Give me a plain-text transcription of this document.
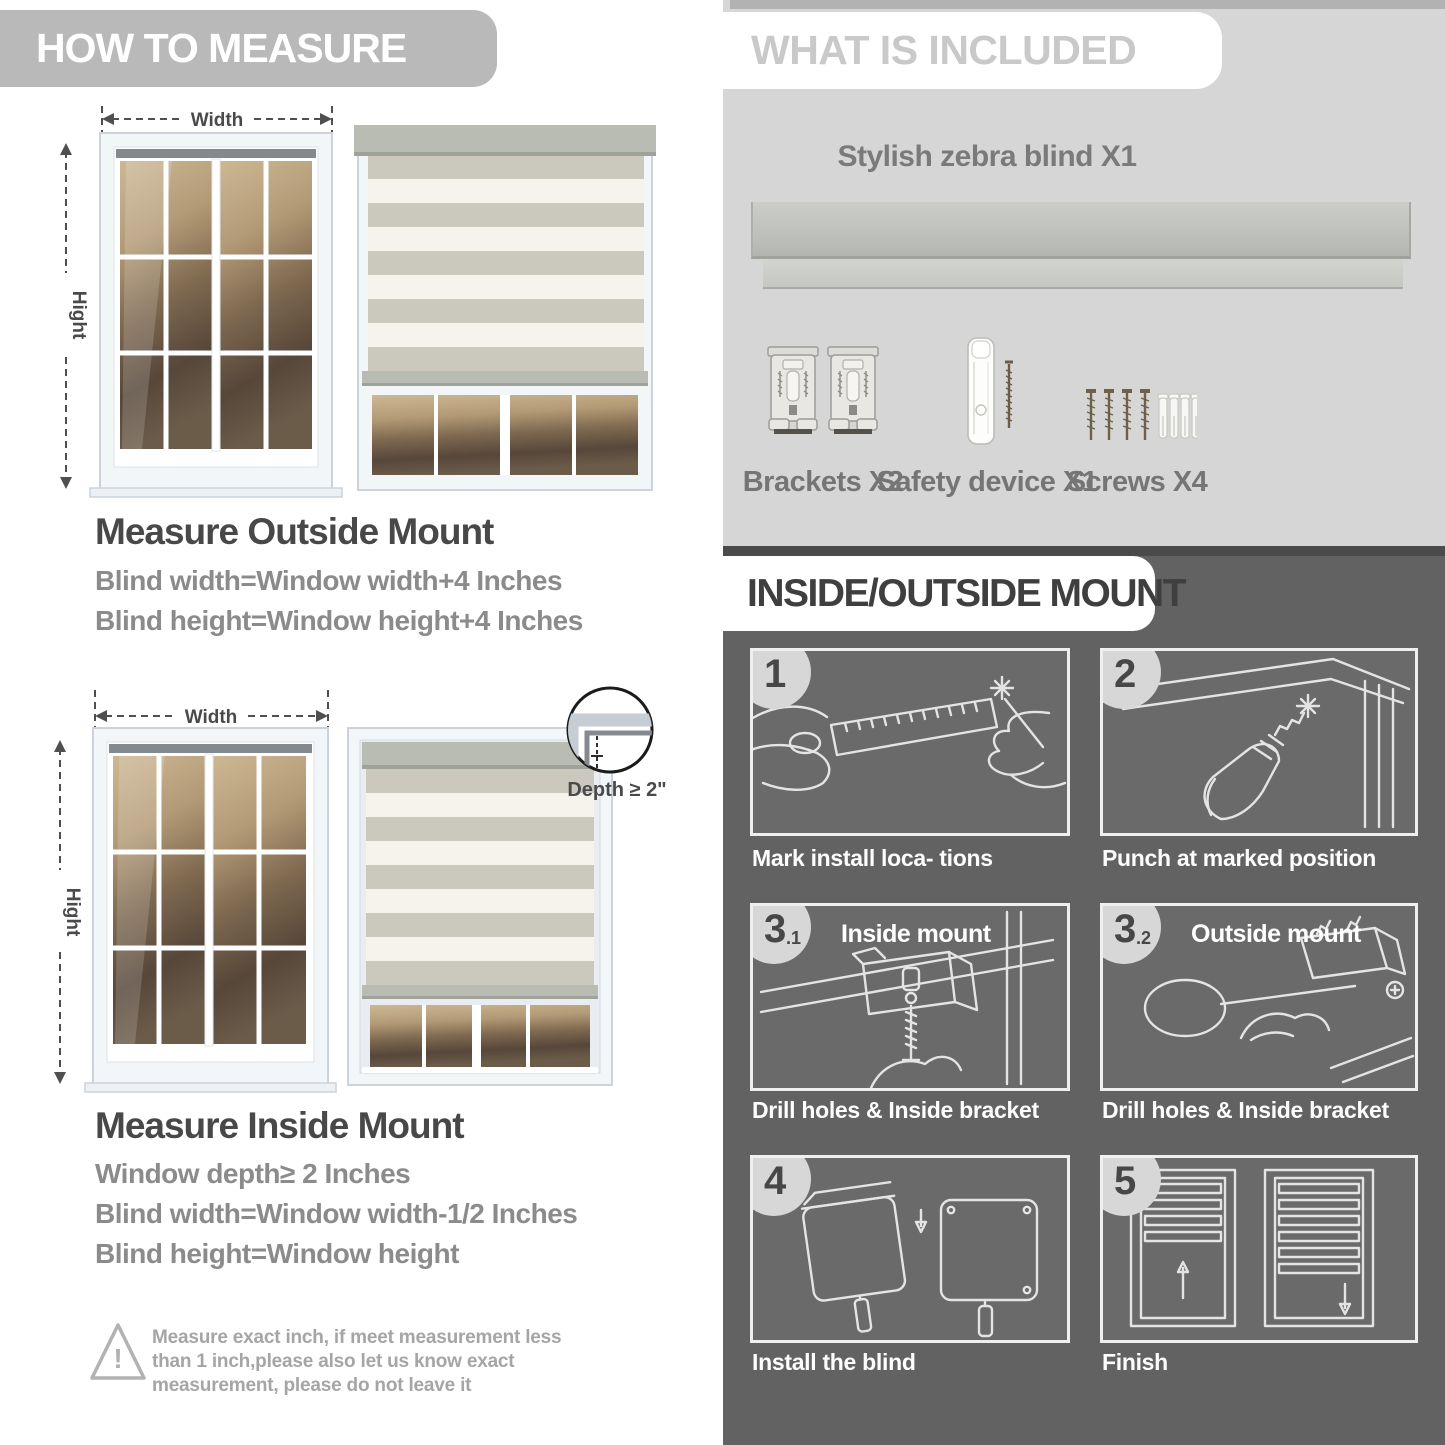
HOW TO MEASURE
Width
Hight
Measure Outside Mount
Blind width=Window width+4 Inches
Blind height=Window height+4 Inches
Width
Hight
Depth ≥ 2"
Measure Inside Mount
Window depth≥ 2 Inches
Blind width=Window width-1/2 Inches
Blind height=Window height
!
Measure exact inch, if meet measurement less
than 1 inch,please also let us know exact
measurement, please do not leave it
WHAT IS INCLUDED
Stylish zebra blind X1
Brackets X2
Safety device X1
Screws X4
INSIDE/OUTSIDE MOUNT
1
Mark install loca- tions
2
Punch at marked position
3 .1 Inside mount
Drill holes & Inside bracket
3 .2 Outside mount
Drill holes & Inside bracket
4
Install the blind
5
Finish
